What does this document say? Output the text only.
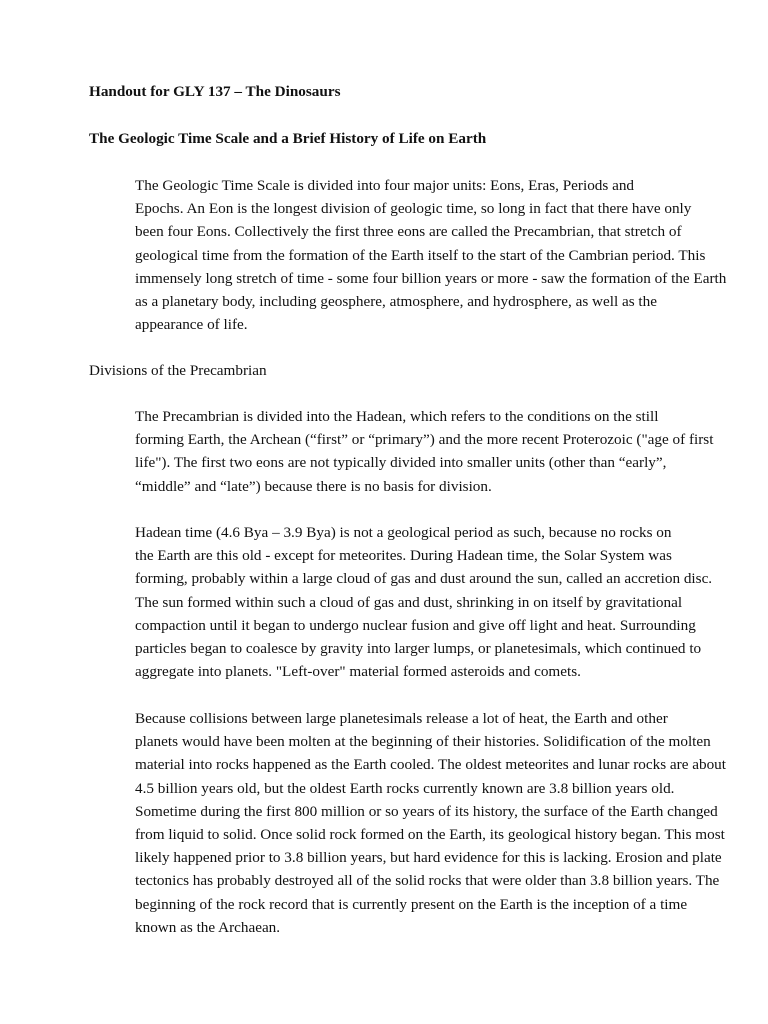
Handout for GLY 137 – The Dinosaurs

The Geologic Time Scale and a Brief History of Life on Earth

The Geologic Time Scale is divided into four major units: Eons, Eras, Periods and
Epochs. An Eon is the longest division of geologic time, so long in fact that there have only
been four Eons. Collectively the first three eons are called the Precambrian, that stretch of
geological time from the formation of the Earth itself to the start of the Cambrian period. This
immensely long stretch of time - some four billion years or more - saw the formation of the Earth
as a planetary body, including geosphere, atmosphere, and hydrosphere, as well as the
appearance of life.

Divisions of the Precambrian

The Precambrian is divided into the Hadean, which refers to the conditions on the still
forming Earth, the Archean (“first” or “primary”) and the more recent Proterozoic ("age of first
life"). The first two eons are not typically divided into smaller units (other than “early”,
“middle” and “late”) because there is no basis for division.

Hadean time (4.6 Bya – 3.9 Bya) is not a geological period as such, because no rocks on
the Earth are this old - except for meteorites. During Hadean time, the Solar System was
forming, probably within a large cloud of gas and dust around the sun, called an accretion disc.
The sun formed within such a cloud of gas and dust, shrinking in on itself by gravitational
compaction until it began to undergo nuclear fusion and give off light and heat. Surrounding
particles began to coalesce by gravity into larger lumps, or planetesimals, which continued to
aggregate into planets. "Left-over" material formed asteroids and comets.

Because collisions between large planetesimals release a lot of heat, the Earth and other
planets would have been molten at the beginning of their histories. Solidification of the molten
material into rocks happened as the Earth cooled. The oldest meteorites and lunar rocks are about
4.5 billion years old, but the oldest Earth rocks currently known are 3.8 billion years old.
Sometime during the first 800 million or so years of its history, the surface of the Earth changed
from liquid to solid. Once solid rock formed on the Earth, its geological history began. This most
likely happened prior to 3.8 billion years, but hard evidence for this is lacking. Erosion and plate
tectonics has probably destroyed all of the solid rocks that were older than 3.8 billion years. The
beginning of the rock record that is currently present on the Earth is the inception of a time
known as the Archaean.
